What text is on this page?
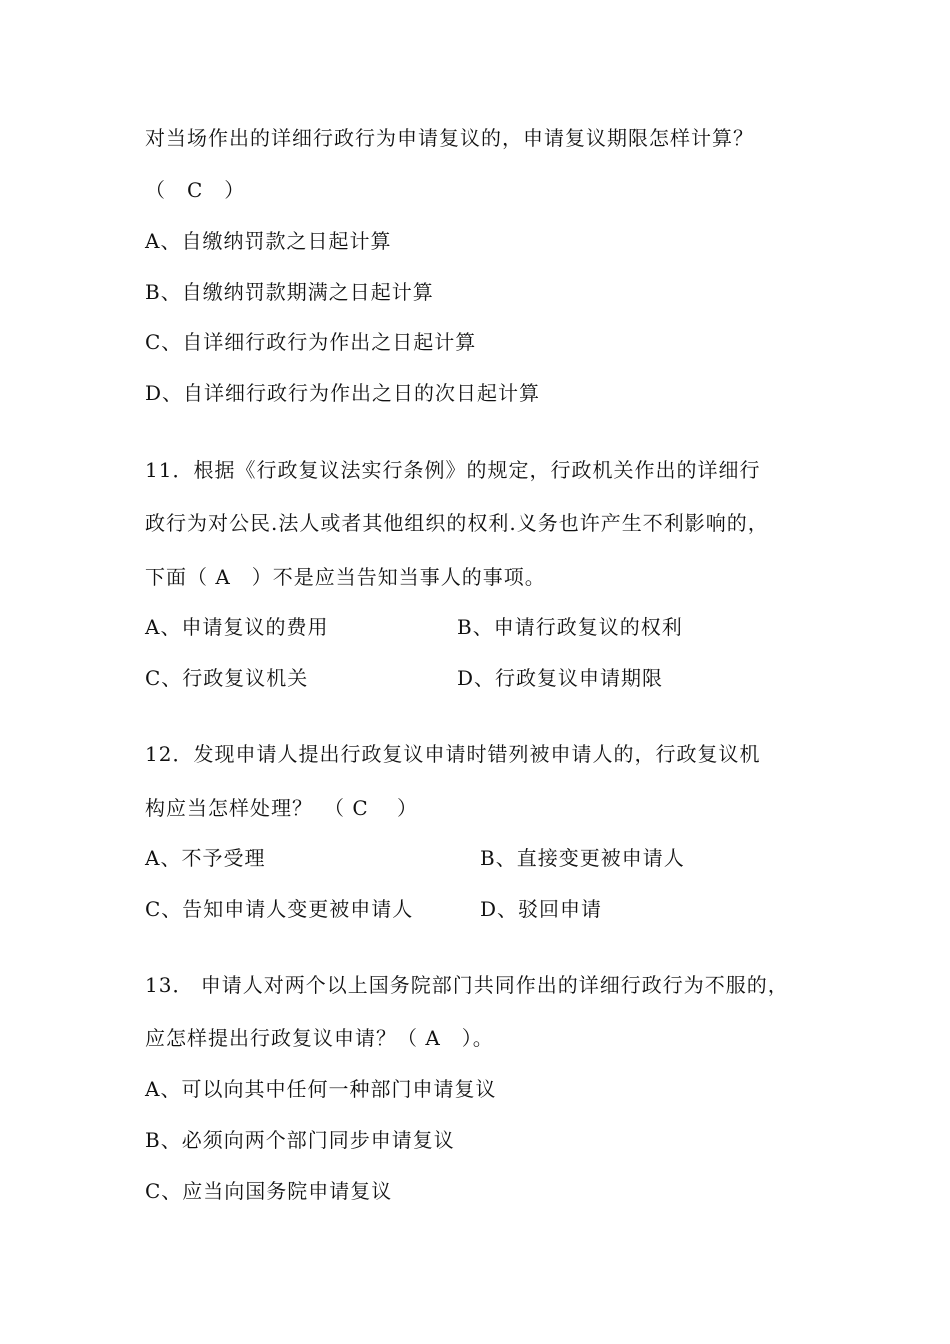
对当场作出的详细行政行为申请复议的，申请复议期限怎样计算？
（　C　）
A、自缴纳罚款之日起计算
B、自缴纳罚款期满之日起计算
C、自详细行政行为作出之日起计算
D、自详细行政行为作出之日的次日起计算
11．根据《行政复议法实行条例》的规定，行政机关作出的详细行
政行为对公民.法人或者其他组织的权利.义务也许产生不利影响的，
下面（ A　）不是应当告知当事人的事项。
A、申请复议的费用	B、申请行政复议的权利
C、行政复议机关	D、行政复议申请期限
12．发现申请人提出行政复议申请时错列被申请人的，行政复议机
构应当怎样处理？　（ C　 ）
A、不予受理	B、直接变更被申请人
C、告知申请人变更被申请人	D、驳回申请
13． 申请人对两个以上国务院部门共同作出的详细行政行为不服的，
应怎样提出行政复议申请？（ A　）。
A、可以向其中任何一种部门申请复议
B、必须向两个部门同步申请复议
C、应当向国务院申请复议
